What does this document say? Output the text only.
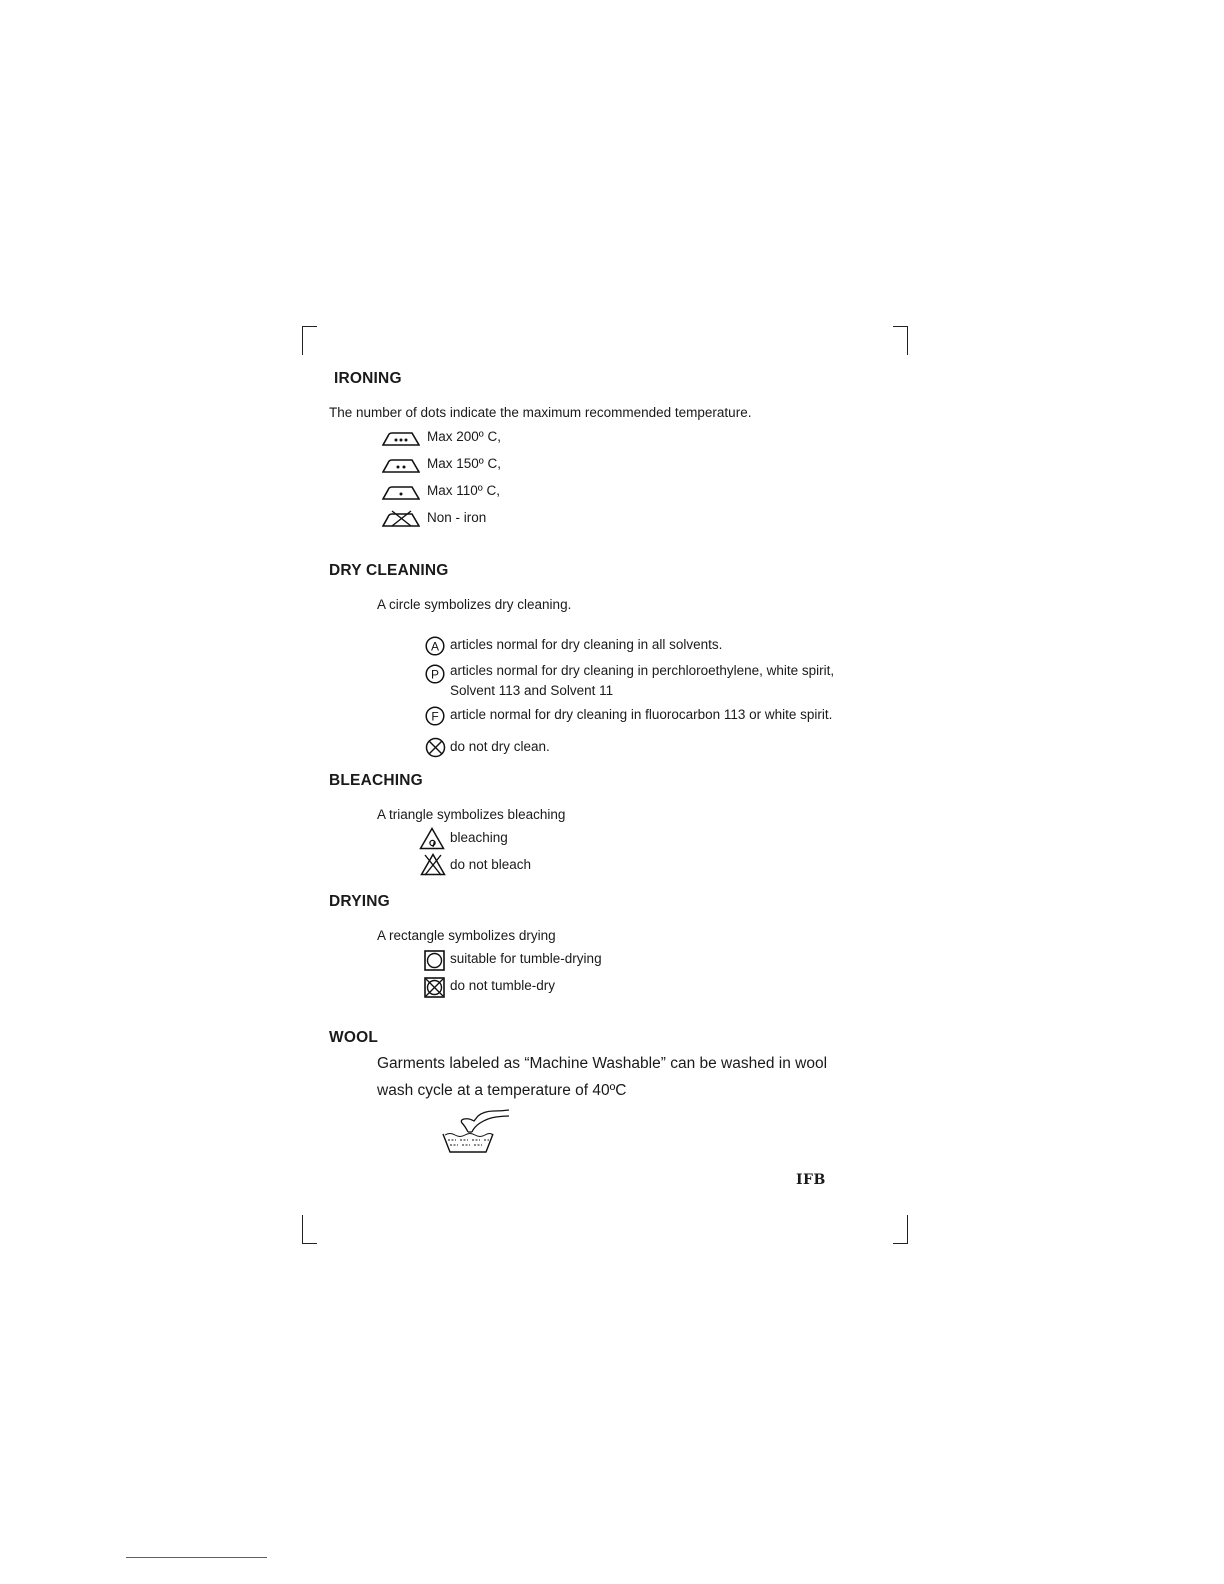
IRONING
The number of dots indicate the maximum recommended temperature.
Max 200º C,
Max 150º C,
Max 110º C,
Non - iron
DRY CLEANING
A circle symbolizes dry cleaning.
A articles normal for dry cleaning in all solvents.
P articles normal for dry cleaning in perchloroethylene, white spirit,
Solvent 113 and Solvent 11
F article normal for dry cleaning in fluorocarbon 113 or white spirit.
do not dry clean.
BLEACHING
A triangle symbolizes bleaching
bleaching
do not bleach
DRYING
A rectangle symbolizes drying
suitable for tumble-drying
do not tumble-dry
WOOL
Garments labeled as “Machine Washable” can be washed in wool
wash cycle at a temperature of 40ºC
IFB
